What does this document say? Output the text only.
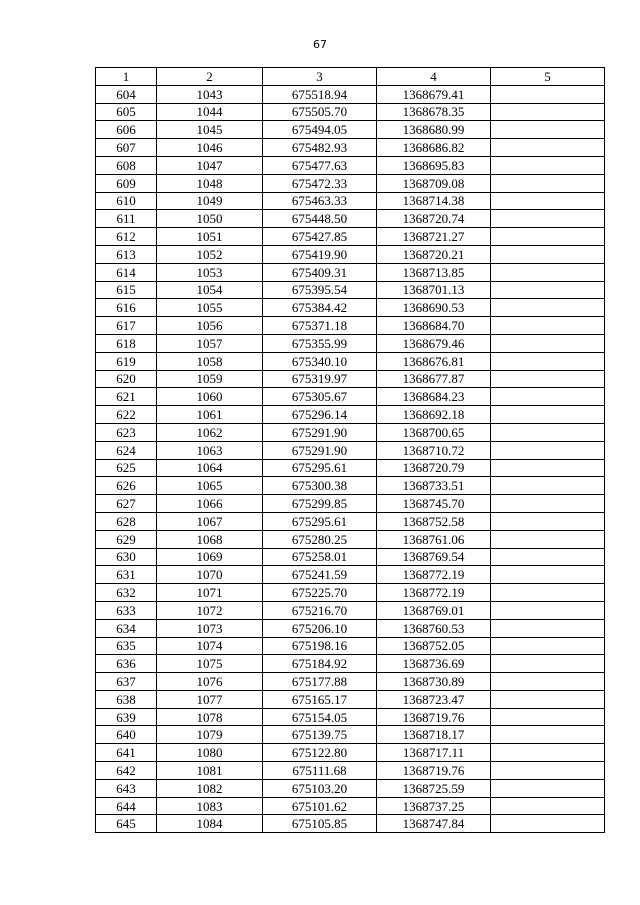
67
1	2	3	4	5
604	1043	675518.94	1368679.41	
605	1044	675505.70	1368678.35	
606	1045	675494.05	1368680.99	
607	1046	675482.93	1368686.82	
608	1047	675477.63	1368695.83	
609	1048	675472.33	1368709.08	
610	1049	675463.33	1368714.38	
611	1050	675448.50	1368720.74	
612	1051	675427.85	1368721.27	
613	1052	675419.90	1368720.21	
614	1053	675409.31	1368713.85	
615	1054	675395.54	1368701.13	
616	1055	675384.42	1368690.53	
617	1056	675371.18	1368684.70	
618	1057	675355.99	1368679.46	
619	1058	675340.10	1368676.81	
620	1059	675319.97	1368677.87	
621	1060	675305.67	1368684.23	
622	1061	675296.14	1368692.18	
623	1062	675291.90	1368700.65	
624	1063	675291.90	1368710.72	
625	1064	675295.61	1368720.79	
626	1065	675300.38	1368733.51	
627	1066	675299.85	1368745.70	
628	1067	675295.61	1368752.58	
629	1068	675280.25	1368761.06	
630	1069	675258.01	1368769.54	
631	1070	675241.59	1368772.19	
632	1071	675225.70	1368772.19	
633	1072	675216.70	1368769.01	
634	1073	675206.10	1368760.53	
635	1074	675198.16	1368752.05	
636	1075	675184.92	1368736.69	
637	1076	675177.88	1368730.89	
638	1077	675165.17	1368723.47	
639	1078	675154.05	1368719.76	
640	1079	675139.75	1368718.17	
641	1080	675122.80	1368717.11	
642	1081	675111.68	1368719.76	
643	1082	675103.20	1368725.59	
644	1083	675101.62	1368737.25	
645	1084	675105.85	1368747.84	
